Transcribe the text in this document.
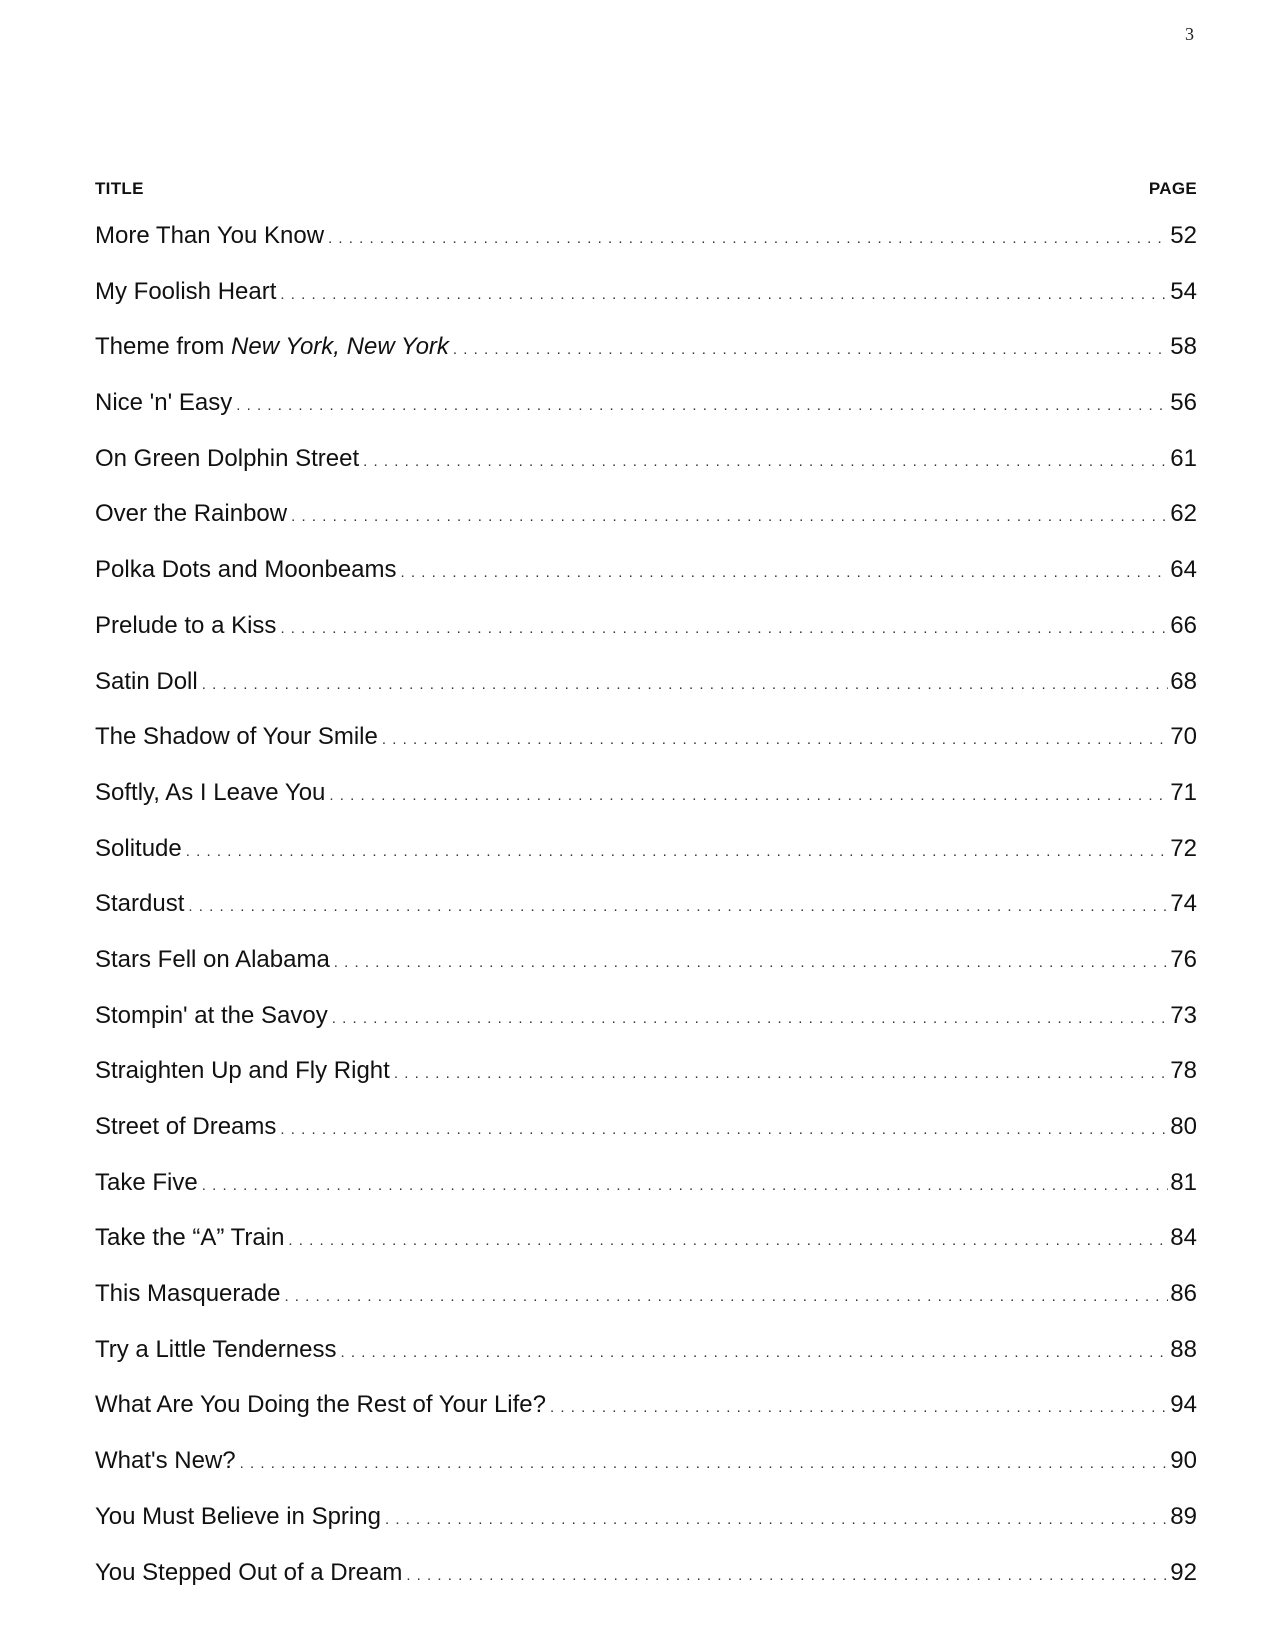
3
TITLE	PAGE
More Than You Know .....	52
My Foolish Heart .....	54
Theme from New York, New York .....	58
Nice 'n' Easy .....	56
On Green Dolphin Street .....	61
Over the Rainbow .....	62
Polka Dots and Moonbeams .....	64
Prelude to a Kiss .....	66
Satin Doll .....	68
The Shadow of Your Smile .....	70
Softly, As I Leave You .....	71
Solitude .....	72
Stardust .....	74
Stars Fell on Alabama .....	76
Stompin' at the Savoy .....	73
Straighten Up and Fly Right .....	78
Street of Dreams .....	80
Take Five .....	81
Take the “A” Train .....	84
This Masquerade .....	86
Try a Little Tenderness .....	88
What Are You Doing the Rest of Your Life? .....	94
What's New? .....	90
You Must Believe in Spring .....	89
You Stepped Out of a Dream .....	92
